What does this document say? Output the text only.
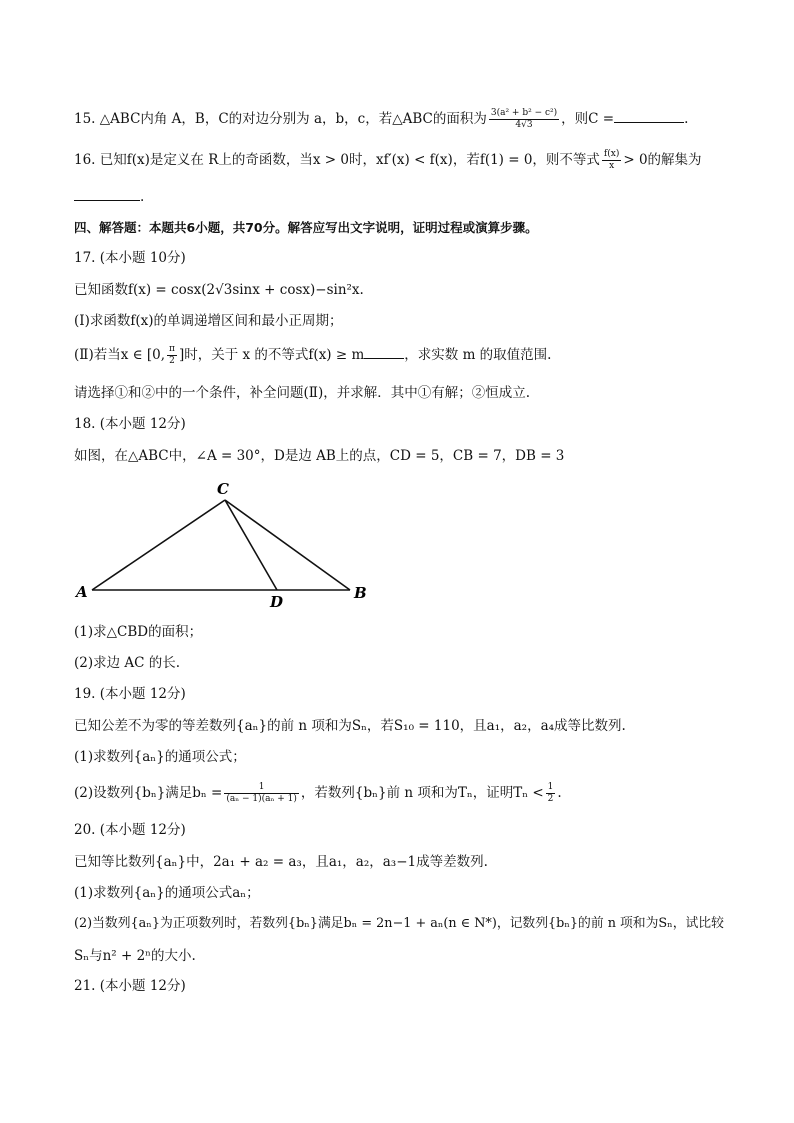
15. △ABC内角 A，B，C的对边分别为 a，b，c，若△ABC的面积为 $\frac{\text{3(a² + b² − c²)}}{4√3}$ ，则C =	.
16. 已知f(x)是定义在 R上的奇函数，当x > 0时，xf′(x) < f(x)，若f(1) = 0，则不等式 $\frac{f(x)}{x} > 0$的解集为
.
四、解答题：本题共6小题，共70分。解答应写出文字说明，证明过程或演算步骤。
17. (本小题 10分)
已知函数f(x) = cosx(2√3sinx + cosx)−sin²x.
(Ⅰ)求函数f(x)的单调递增区间和最小正周期；
(Ⅱ)若当x ∈ [0, $\frac{\pi}{2}$ ]时，关于 x 的不等式f(x) ≥ m	，求实数 m 的取值范围.
请选择①和②中的一个条件，补全问题(Ⅱ)，并求解．其中①有解；②恒成立.
18. (本小题 12分)
如图，在△ABC中，∠A = 30°，D是边 AB上的点，CD = 5，CB = 7，DB = 3
C
A	B
D
(1)求△CBD的面积；
(2)求边 AC 的长.
19. (本小题 12分)
已知公差不为零的等差数列{aₙ}的前 n 项和为Sₙ，若S₁₀ = 110，且a₁，a₂，a₄成等比数列.
(1)求数列{aₙ}的通项公式；
(2)设数列{bₙ}满足$b_n = \frac{1}{\text{(aₙ − 1)(aₙ + 1)}}$ ，若数列{bₙ}前 n 项和为Tₙ，证明$T_n < \frac{1}{2}$ .
20. (本小题 12分)
已知等比数列{aₙ}中，2a₁ + a₂ = a₃，且a₁，a₂，a₃−1成等差数列.
(1)求数列{aₙ}的通项公式aₙ；
(2)当数列{aₙ}为正项数列时，若数列{bₙ}满足bₙ = 2n−1 + aₙ(n ∈ N*)，记数列{bₙ}的前 n 项和为Sₙ，试比较
Sₙ与n² + 2ⁿ的大小.
21. (本小题 12分)
